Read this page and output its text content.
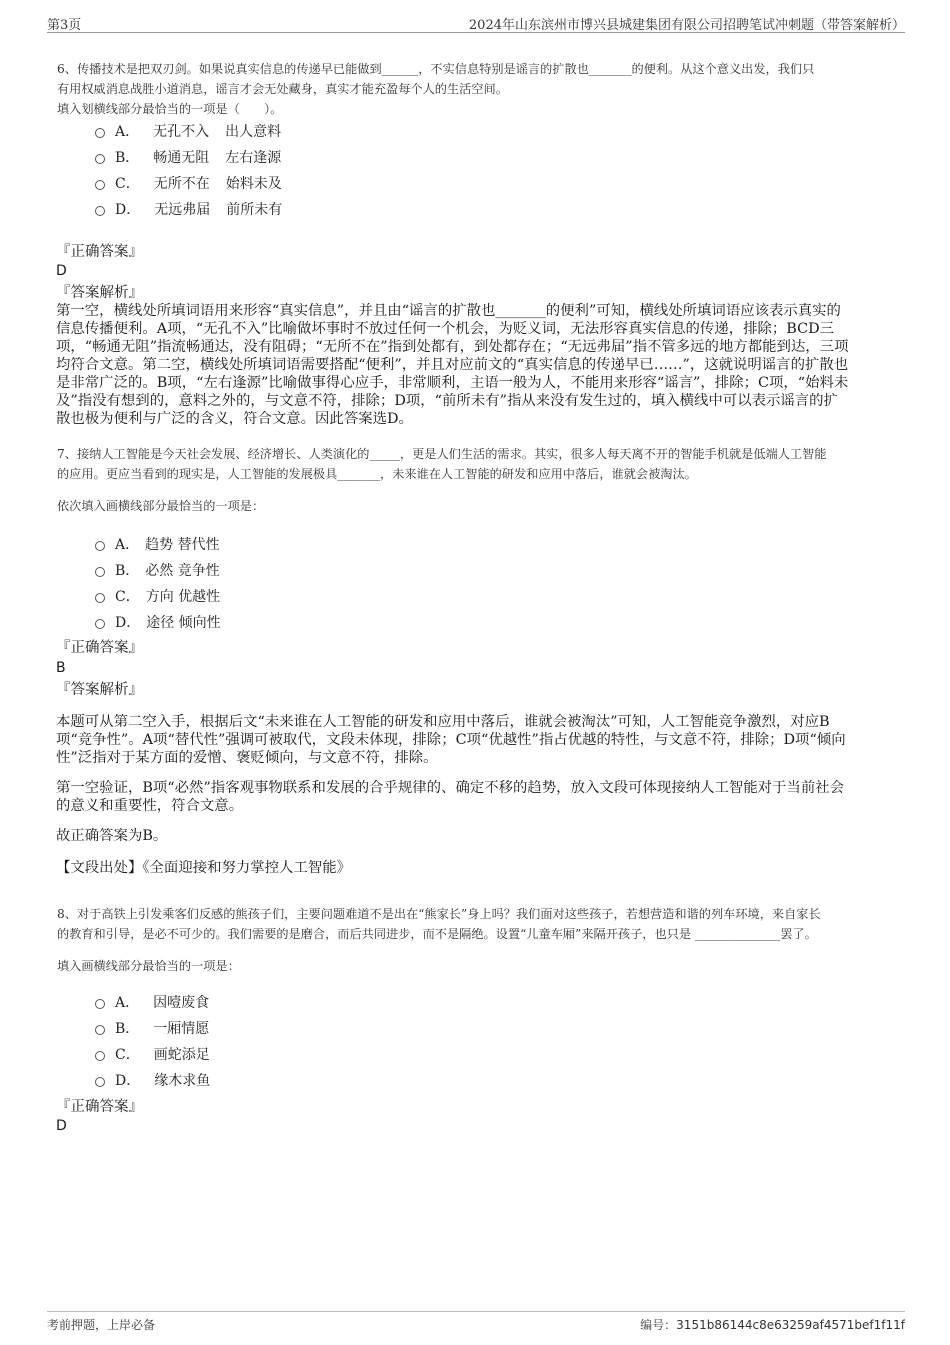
第3页	2024年山东滨州市博兴县城建集团有限公司招聘笔试冲刺题（带答案解析）
6、传播技术是把双刃剑。如果说真实信息的传递早已能做到______，不实信息特别是谣言的扩散也_______的便利。从这个意义出发，我们只
有用权威消息战胜小道消息，谣言才会无处藏身，真实才能充盈每个人的生活空间。
填入划横线部分最恰当的一项是（　　）。
A． 无孔不入 出人意料
B． 畅通无阻 左右逢源
C． 无所不在 始料未及
D． 无远弗届 前所未有
『正确答案』
D
『答案解析』
第一空，横线处所填词语用来形容“真实信息”，并且由“谣言的扩散也_______的便利”可知，横线处所填词语应该表示真实的
信息传播便利。A项，“无孔不入”比喻做坏事时不放过任何一个机会，为贬义词，无法形容真实信息的传递，排除；BCD三
项，“畅通无阻”指流畅通达，没有阻碍；“无所不在”指到处都有，到处都存在；“无远弗届”指不管多远的地方都能到达，三项
均符合文意。第二空，横线处所填词语需要搭配“便利”，并且对应前文的“真实信息的传递早已……”，这就说明谣言的扩散也
是非常广泛的。B项，“左右逢源”比喻做事得心应手，非常顺利，主语一般为人，不能用来形容“谣言”，排除；C项，“始料未
及”指没有想到的，意料之外的，与文意不符，排除；D项，“前所未有”指从来没有发生过的，填入横线中可以表示谣言的扩
散也极为便利与广泛的含义，符合文意。因此答案选D。
7、接纳人工智能是今天社会发展、经济增长、人类演化的_____，更是人们生活的需求。其实，很多人每天离不开的智能手机就是低端人工智能
的应用。更应当看到的现实是，人工智能的发展极具_______，未来谁在人工智能的研发和应用中落后，谁就会被淘汰。
依次填入画横线部分最恰当的一项是：
A． 趋势 替代性
B． 必然 竞争性
C． 方向 优越性
D． 途径 倾向性
『正确答案』
B
『答案解析』
本题可从第二空入手，根据后文“未来谁在人工智能的研发和应用中落后，谁就会被淘汰”可知，人工智能竞争激烈，对应B
项“竞争性”。A项“替代性”强调可被取代，文段未体现，排除；C项“优越性”指占优越的特性，与文意不符，排除；D项“倾向
性”泛指对于某方面的爱憎、褒贬倾向，与文意不符，排除。
第一空验证，B项“必然”指客观事物联系和发展的合乎规律的、确定不移的趋势，放入文段可体现接纳人工智能对于当前社会
的意义和重要性，符合文意。
故正确答案为B。
【文段出处】《全面迎接和努力掌控人工智能》
8、对于高铁上引发乘客们反感的熊孩子们，主要问题难道不是出在“熊家长”身上吗？我们面对这些孩子，若想营造和谐的列车环境，来自家长
的教育和引导，是必不可少的。我们需要的是磨合，而后共同进步，而不是隔绝。设置“儿童车厢”来隔开孩子，也只是 ______________罢了。
填入画横线部分最恰当的一项是：
A． 因噎废食
B． 一厢情愿
C． 画蛇添足
D． 缘木求鱼
『正确答案』
D
考前押题，上岸必备	编号：3151b86144c8e63259af4571bef1f11f
